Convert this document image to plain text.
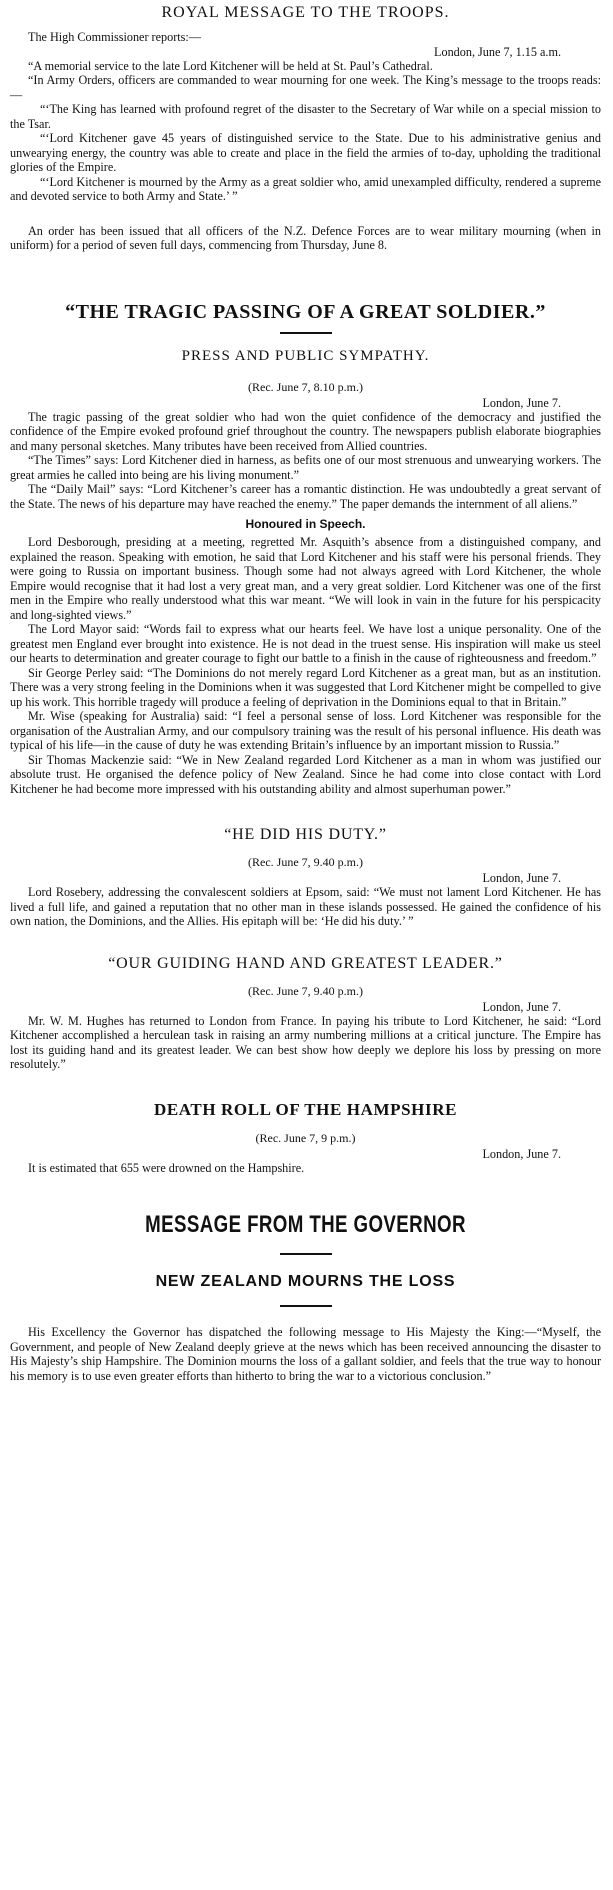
ROYAL MESSAGE TO THE TROOPS.

The High Commissioner reports:—

London, June 7, 1.15 a.m.

“A memorial service to the late Lord Kitchener will be held at St. Paul’s Cathedral.

“In Army Orders, officers are commanded to wear mourning for one week. The King’s message to the troops reads:—

“‘The King has learned with profound regret of the disaster to the Secretary of War while on a special mission to the Tsar.

“‘Lord Kitchener gave 45 years of distinguished service to the State. Due to his administrative genius and unwearying energy, the country was able to create and place in the field the armies of to-day, upholding the traditional glories of the Empire.

“‘Lord Kitchener is mourned by the Army as a great soldier who, amid unexampled difficulty, rendered a supreme and devoted service to both Army and State.’ ”

An order has been issued that all officers of the N.Z. Defence Forces are to wear military mourning (when in uniform) for a period of seven full days, commencing from Thursday, June 8.

“THE TRAGIC PASSING OF A GREAT SOLDIER.”
PRESS AND PUBLIC SYMPATHY.
(Rec. June 7, 8.10 p.m.)
London, June 7.

The tragic passing of the great soldier who had won the quiet confidence of the democracy and justified the confidence of the Empire evoked profound grief throughout the country. The newspapers publish elaborate biographies and many personal sketches. Many tributes have been received from Allied countries.

“The Times” says: Lord Kitchener died in harness, as befits one of our most strenuous and unwearying workers. The great armies he called into being are his living monument.”

The “Daily Mail” says: “Lord Kitchener’s career has a romantic distinction. He was undoubtedly a great servant of the State. The news of his departure may have reached the enemy.” The paper demands the internment of all aliens.”

Honoured in Speech.

Lord Desborough, presiding at a meeting, regretted Mr. Asquith’s absence from a distinguished company, and explained the reason. Speaking with emotion, he said that Lord Kitchener and his staff were his personal friends. They were going to Russia on important business. Though some had not always agreed with Lord Kitchener, the whole Empire would recognise that it had lost a very great man, and a very great soldier. Lord Kitchener was one of the first men in the Empire who really understood what this war meant. “We will look in vain in the future for his perspicacity and long-sighted views.”

The Lord Mayor said: “Words fail to express what our hearts feel. We have lost a unique personality. One of the greatest men England ever brought into existence. He is not dead in the truest sense. His inspiration will make us steel our hearts to determination and greater courage to fight our battle to a finish in the cause of righteousness and freedom.”

Sir George Perley said: “The Dominions do not merely regard Lord Kitchener as a great man, but as an institution. There was a very strong feeling in the Dominions when it was suggested that Lord Kitchener might be compelled to give up his work. This horrible tragedy will produce a feeling of deprivation in the Dominions equal to that in Britain.”

Mr. Wise (speaking for Australia) said: “I feel a personal sense of loss. Lord Kitchener was responsible for the organisation of the Australian Army, and our compulsory training was the result of his personal influence. His death was typical of his life—in the cause of duty he was extending Britain’s influence by an important mission to Russia.”

Sir Thomas Mackenzie said: “We in New Zealand regarded Lord Kitchener as a man in whom was justified our absolute trust. He organised the defence policy of New Zealand. Since he had come into close contact with Lord Kitchener he had become more impressed with his outstanding ability and almost superhuman power.”

“HE DID HIS DUTY.”
(Rec. June 7, 9.40 p.m.)
London, June 7.

Lord Rosebery, addressing the convalescent soldiers at Epsom, said: “We must not lament Lord Kitchener. He has lived a full life, and gained a reputation that no other man in these islands possessed. He gained the confidence of his own nation, the Dominions, and the Allies. His epitaph will be: ‘He did his duty.’ ”

“OUR GUIDING HAND AND GREATEST LEADER.”
(Rec. June 7, 9.40 p.m.)
London, June 7.

Mr. W. M. Hughes has returned to London from France. In paying his tribute to Lord Kitchener, he said: “Lord Kitchener accomplished a herculean task in raising an army numbering millions at a critical juncture. The Empire has lost its guiding hand and its greatest leader. We can best show how deeply we deplore his loss by pressing on more resolutely.”

DEATH ROLL OF THE HAMPSHIRE
(Rec. June 7, 9 p.m.)
London, June 7.

It is estimated that 655 were drowned on the Hampshire.

MESSAGE FROM THE GOVERNOR
NEW ZEALAND MOURNS THE LOSS

His Excellency the Governor has dispatched the following message to His Majesty the King:—“Myself, the Government, and people of New Zealand deeply grieve at the news which has been received announcing the disaster to His Majesty’s ship Hampshire. The Dominion mourns the loss of a gallant soldier, and feels that the true way to honour his memory is to use even greater efforts than hitherto to bring the war to a victorious conclusion.”
